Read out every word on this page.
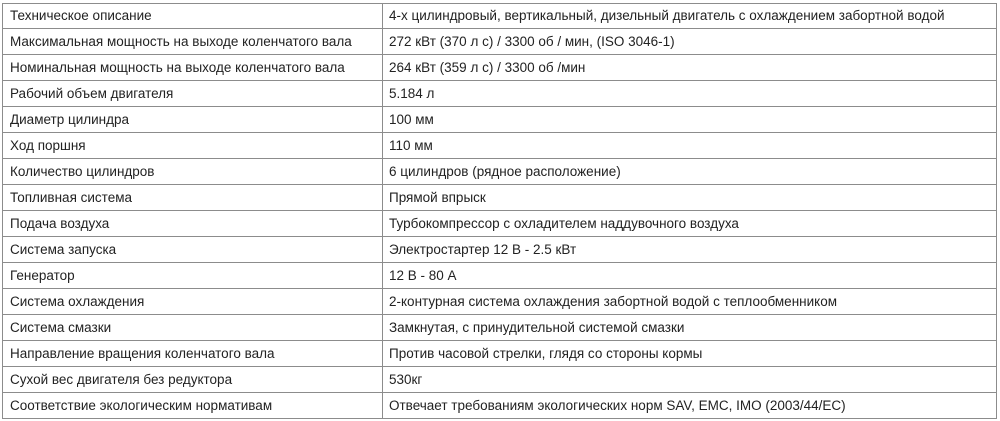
Техническое описание	4-х цилиндровый, вертикальный, дизельный двигатель с охлаждением забортной водой
Максимальная мощность на выходе коленчатого вала	272 кВт (370 л с) / 3300 об / мин, (ISO 3046-1)
Номинальная мощность на выходе коленчатого вала	264 кВт (359 л с) / 3300 об /мин
Рабочий объем двигателя	5.184 л
Диаметр цилиндра	100 мм
Ход поршня	110 мм
Количество цилиндров	6 цилиндров (рядное расположение)
Топливная система	Прямой впрыск
Подача воздуха	Турбокомпрессор с охладителем наддувочного воздуха
Система запуска	Электростартер 12 В - 2.5 кВт
Генератор	12 В - 80 А
Система охлаждения	2-контурная система охлаждения забортной водой с теплообменником
Система смазки	Замкнутая, с принудительной системой смазки
Направление вращения коленчатого вала	Против часовой стрелки, глядя со стороны кормы
Сухой вес двигателя без редуктора	530кг
Соответствие экологическим нормативам	Отвечает требованиям экологических норм SAV, EMC, IMO (2003/44/EC)
